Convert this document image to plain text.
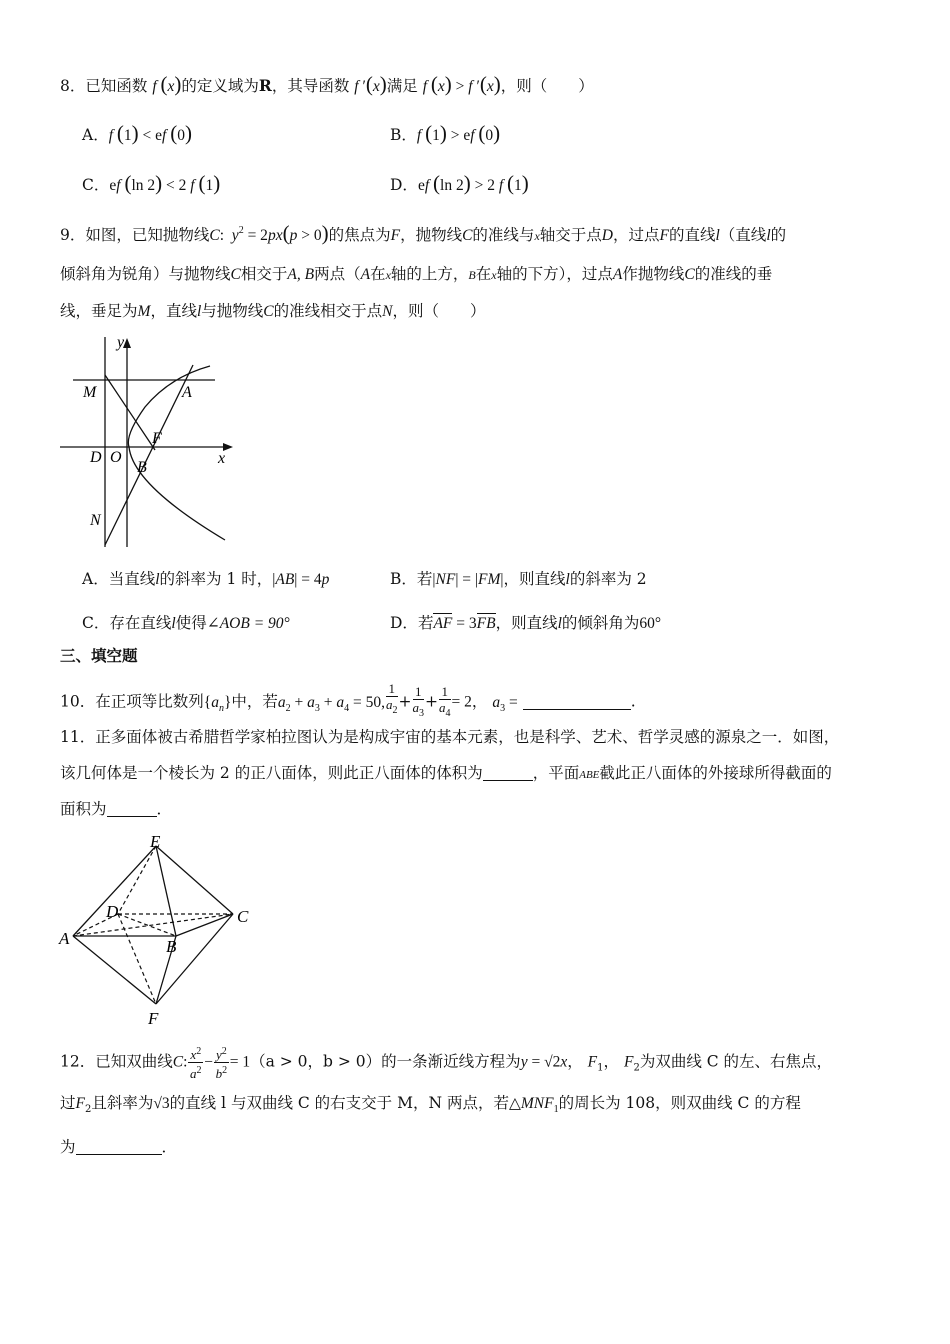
8．已知函数 f (x)的定义域为R，其导函数 f ′(x)满足 f (x) > f ′(x)，则（　　）
A．f (1) < ef (0)	B．f (1) > ef (0)
C．ef (ln 2) < 2 f (1)	D．ef (ln 2) > 2 f (1)
9．如图，已知抛物线C:  $y^2 = 2px(p > 0)$的焦点为F，抛物线C的准线与x轴交于点D，过点F的直线l（直线l的
倾斜角为锐角）与抛物线C相交于A, B两点（A在x轴的上方，B在x轴的下方），过点A作抛物线C的准线的垂
线，垂足为M，直线l与抛物线C的准线相交于点N，则（　　）
M
y
A
F
x
D O
B
N
A．当直线l的斜率为 1 时，|AB| = 4p	B．若|NF| = |FM|，则直线l的斜率为 2
C．存在直线l使得∠AOB = 90°	D．若AF = 3FB，则直线l的倾斜角为60°
三、填空题
10．在正项等比数列$\{a_n\}$中，若$a_2 + a_3 + a_4 = 50$, $\frac{1}{a_2} + \frac{1}{a_3} + \frac{1}{a_4} = 2$， $a_3$ =	.
11．正多面体被古希腊哲学家柏拉图认为是构成宇宙的基本元素，也是科学、艺术、哲学灵感的源泉之一．如图，
该几何体是一个棱长为 2 的正八面体，则此正八面体的体积为	，平面ABE截此正八面体的外接球所得截面的
面积为	．
E
D	C
A	B
F
12．已知双曲线C: $\frac{x^2}{a^2} - \frac{y^2}{b^2} = 1(a > 0$，b > 0）的一条渐近线方程为y = √2x， $F_1$， $F_2$为双曲线 C 的左、右焦点，
过$F_2$且斜率为√3的直线 l 与双曲线 C 的右支交于 M，N 两点，若$\triangle MNF_1$的周长为 108，则双曲线 C 的方程
为	．
